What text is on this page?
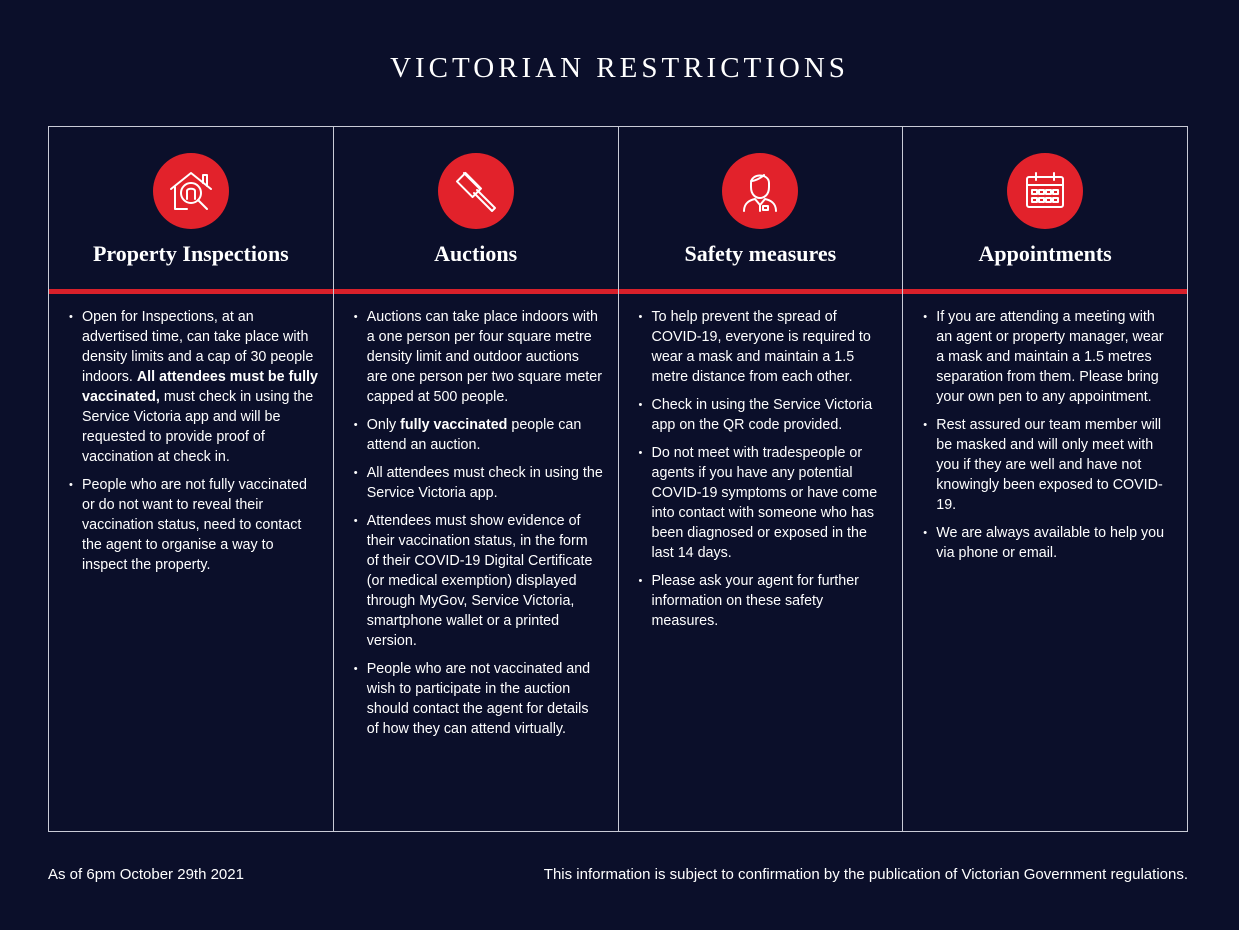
VICTORIAN RESTRICTIONS
Property Inspections
• Open for Inspections, at an advertised time, can take place with density limits and a cap of 30 people indoors. All attendees must be fully vaccinated, must check in using the Service Victoria app and will be requested to provide proof of vaccination at check in.
• People who are not fully vaccinated or do not want to reveal their vaccination status, need to contact the agent to organise a way to inspect the property.
Auctions
• Auctions can take place indoors with a one person per four square metre density limit and outdoor auctions are one person per two square meter capped at 500 people.
• Only fully vaccinated people can attend an auction.
• All attendees must check in using the Service Victoria app.
• Attendees must show evidence of their vaccination status, in the form of their COVID-19 Digital Certificate (or medical exemption) displayed through MyGov, Service Victoria, smartphone wallet or a printed version.
• People who are not vaccinated and wish to participate in the auction should contact the agent for details of how they can attend virtually.
Safety measures
• To help prevent the spread of COVID-19, everyone is required to wear a mask and maintain a 1.5 metre distance from each other.
• Check in using the Service Victoria app on the QR code provided.
• Do not meet with tradespeople or agents if you have any potential COVID-19 symptoms or have come into contact with someone who has been diagnosed or exposed in the last 14 days.
• Please ask your agent for further information on these safety measures.
Appointments
• If you are attending a meeting with an agent or property manager, wear a mask and maintain a 1.5 metres separation from them. Please bring your own pen to any appointment.
• Rest assured our team member will be masked and will only meet with you if they are well and have not knowingly been exposed to COVID-19.
• We are always available to help you via phone or email.
As of 6pm October 29th 2021	This information is subject to confirmation by the publication of Victorian Government regulations.
